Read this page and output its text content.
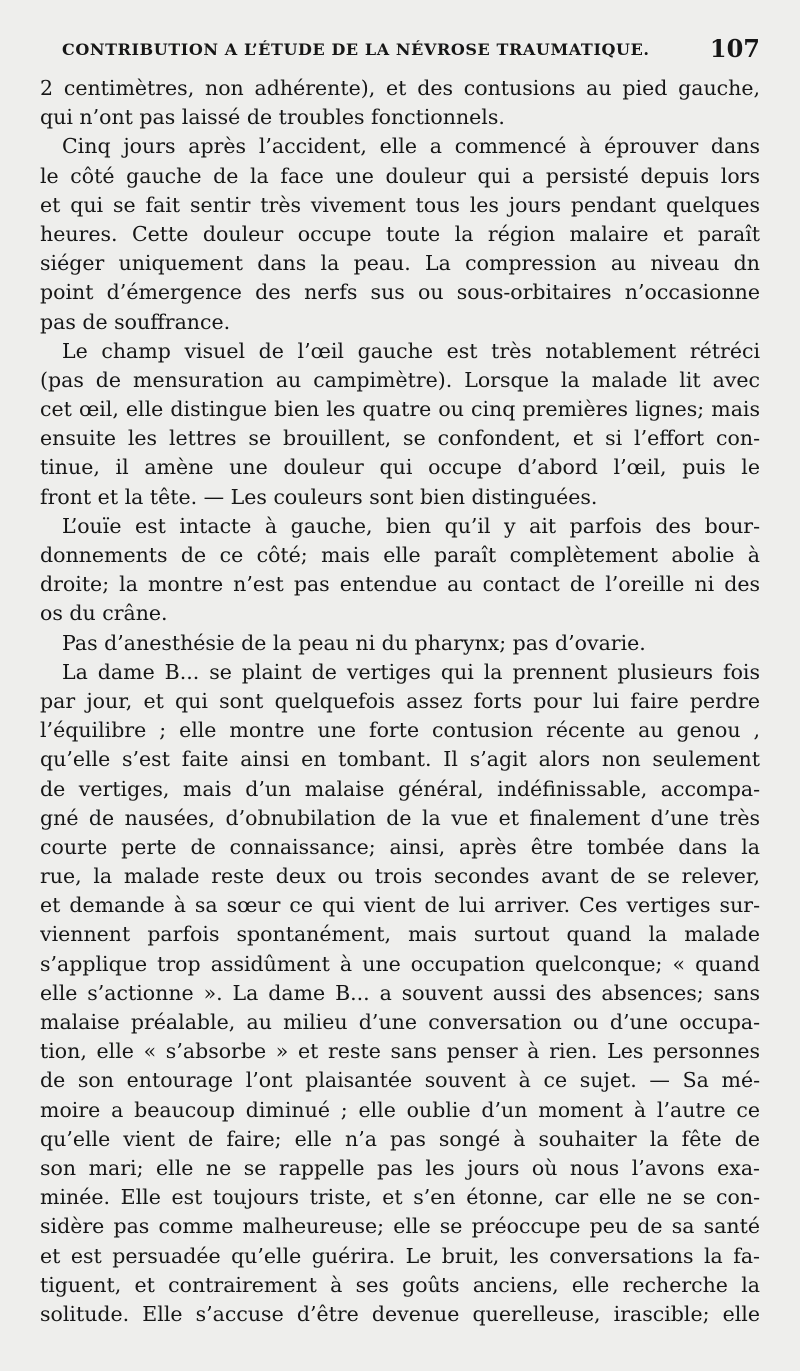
CONTRIBUTION A L’ÉTUDE DE LA NÉVROSE TRAUMATIQUE.	107
2 centimètres, non adhérente), et des contusions au pied gauche,
qui n’ont pas laissé de troubles fonctionnels.
Cinq jours après l’accident, elle a commencé à éprouver dans
le côté gauche de la face une douleur qui a persisté depuis lors
et qui se fait sentir très vivement tous les jours pendant quelques
heures. Cette douleur occupe toute la région malaire et paraît
siéger uniquement dans la peau. La compression au niveau dn
point d’émergence des nerfs sus ou sous-orbitaires n’occasionne
pas de souffrance.
Le champ visuel de l’œil gauche est très notablement rétréci
(pas de mensuration au campimètre). Lorsque la malade lit avec
cet œil, elle distingue bien les quatre ou cinq premières lignes; mais
ensuite les lettres se brouillent, se confondent, et si l’effort con-
tinue, il amène une douleur qui occupe d’abord l’œil, puis le
front et la tête. — Les couleurs sont bien distinguées.
L’ouïe est intacte à gauche, bien qu’il y ait parfois des bour-
donnements de ce côté; mais elle paraît complètement abolie à
droite; la montre n’est pas entendue au contact de l’oreille ni des
os du crâne.
Pas d’anesthésie de la peau ni du pharynx; pas d’ovarie.
La dame B... se plaint de vertiges qui la prennent plusieurs fois
par jour, et qui sont quelquefois assez forts pour lui faire perdre
l’équilibre ; elle montre une forte contusion récente au genou ,
qu’elle s’est faite ainsi en tombant. Il s’agit alors non seulement
de vertiges, mais d’un malaise général, indéfinissable, accompa-
gné de nausées, d’obnubilation de la vue et finalement d’une très
courte perte de connaissance; ainsi, après être tombée dans la
rue, la malade reste deux ou trois secondes avant de se relever,
et demande à sa sœur ce qui vient de lui arriver. Ces vertiges sur-
viennent parfois spontanément, mais surtout quand la malade
s’applique trop assidûment à une occupation quelconque; « quand
elle s’actionne ». La dame B... a souvent aussi des absences; sans
malaise préalable, au milieu d’une conversation ou d’une occupa-
tion, elle « s’absorbe » et reste sans penser à rien. Les personnes
de son entourage l’ont plaisantée souvent à ce sujet. — Sa mé-
moire a beaucoup diminué ; elle oublie d’un moment à l’autre ce
qu’elle vient de faire; elle n’a pas songé à souhaiter la fête de
son mari; elle ne se rappelle pas les jours où nous l’avons exa-
minée. Elle est toujours triste, et s’en étonne, car elle ne se con-
sidère pas comme malheureuse; elle se préoccupe peu de sa santé
et est persuadée qu’elle guérira. Le bruit, les conversations la fa-
tiguent, et contrairement à ses goûts anciens, elle recherche la
solitude. Elle s’accuse d’être devenue querelleuse, irascible; elle
